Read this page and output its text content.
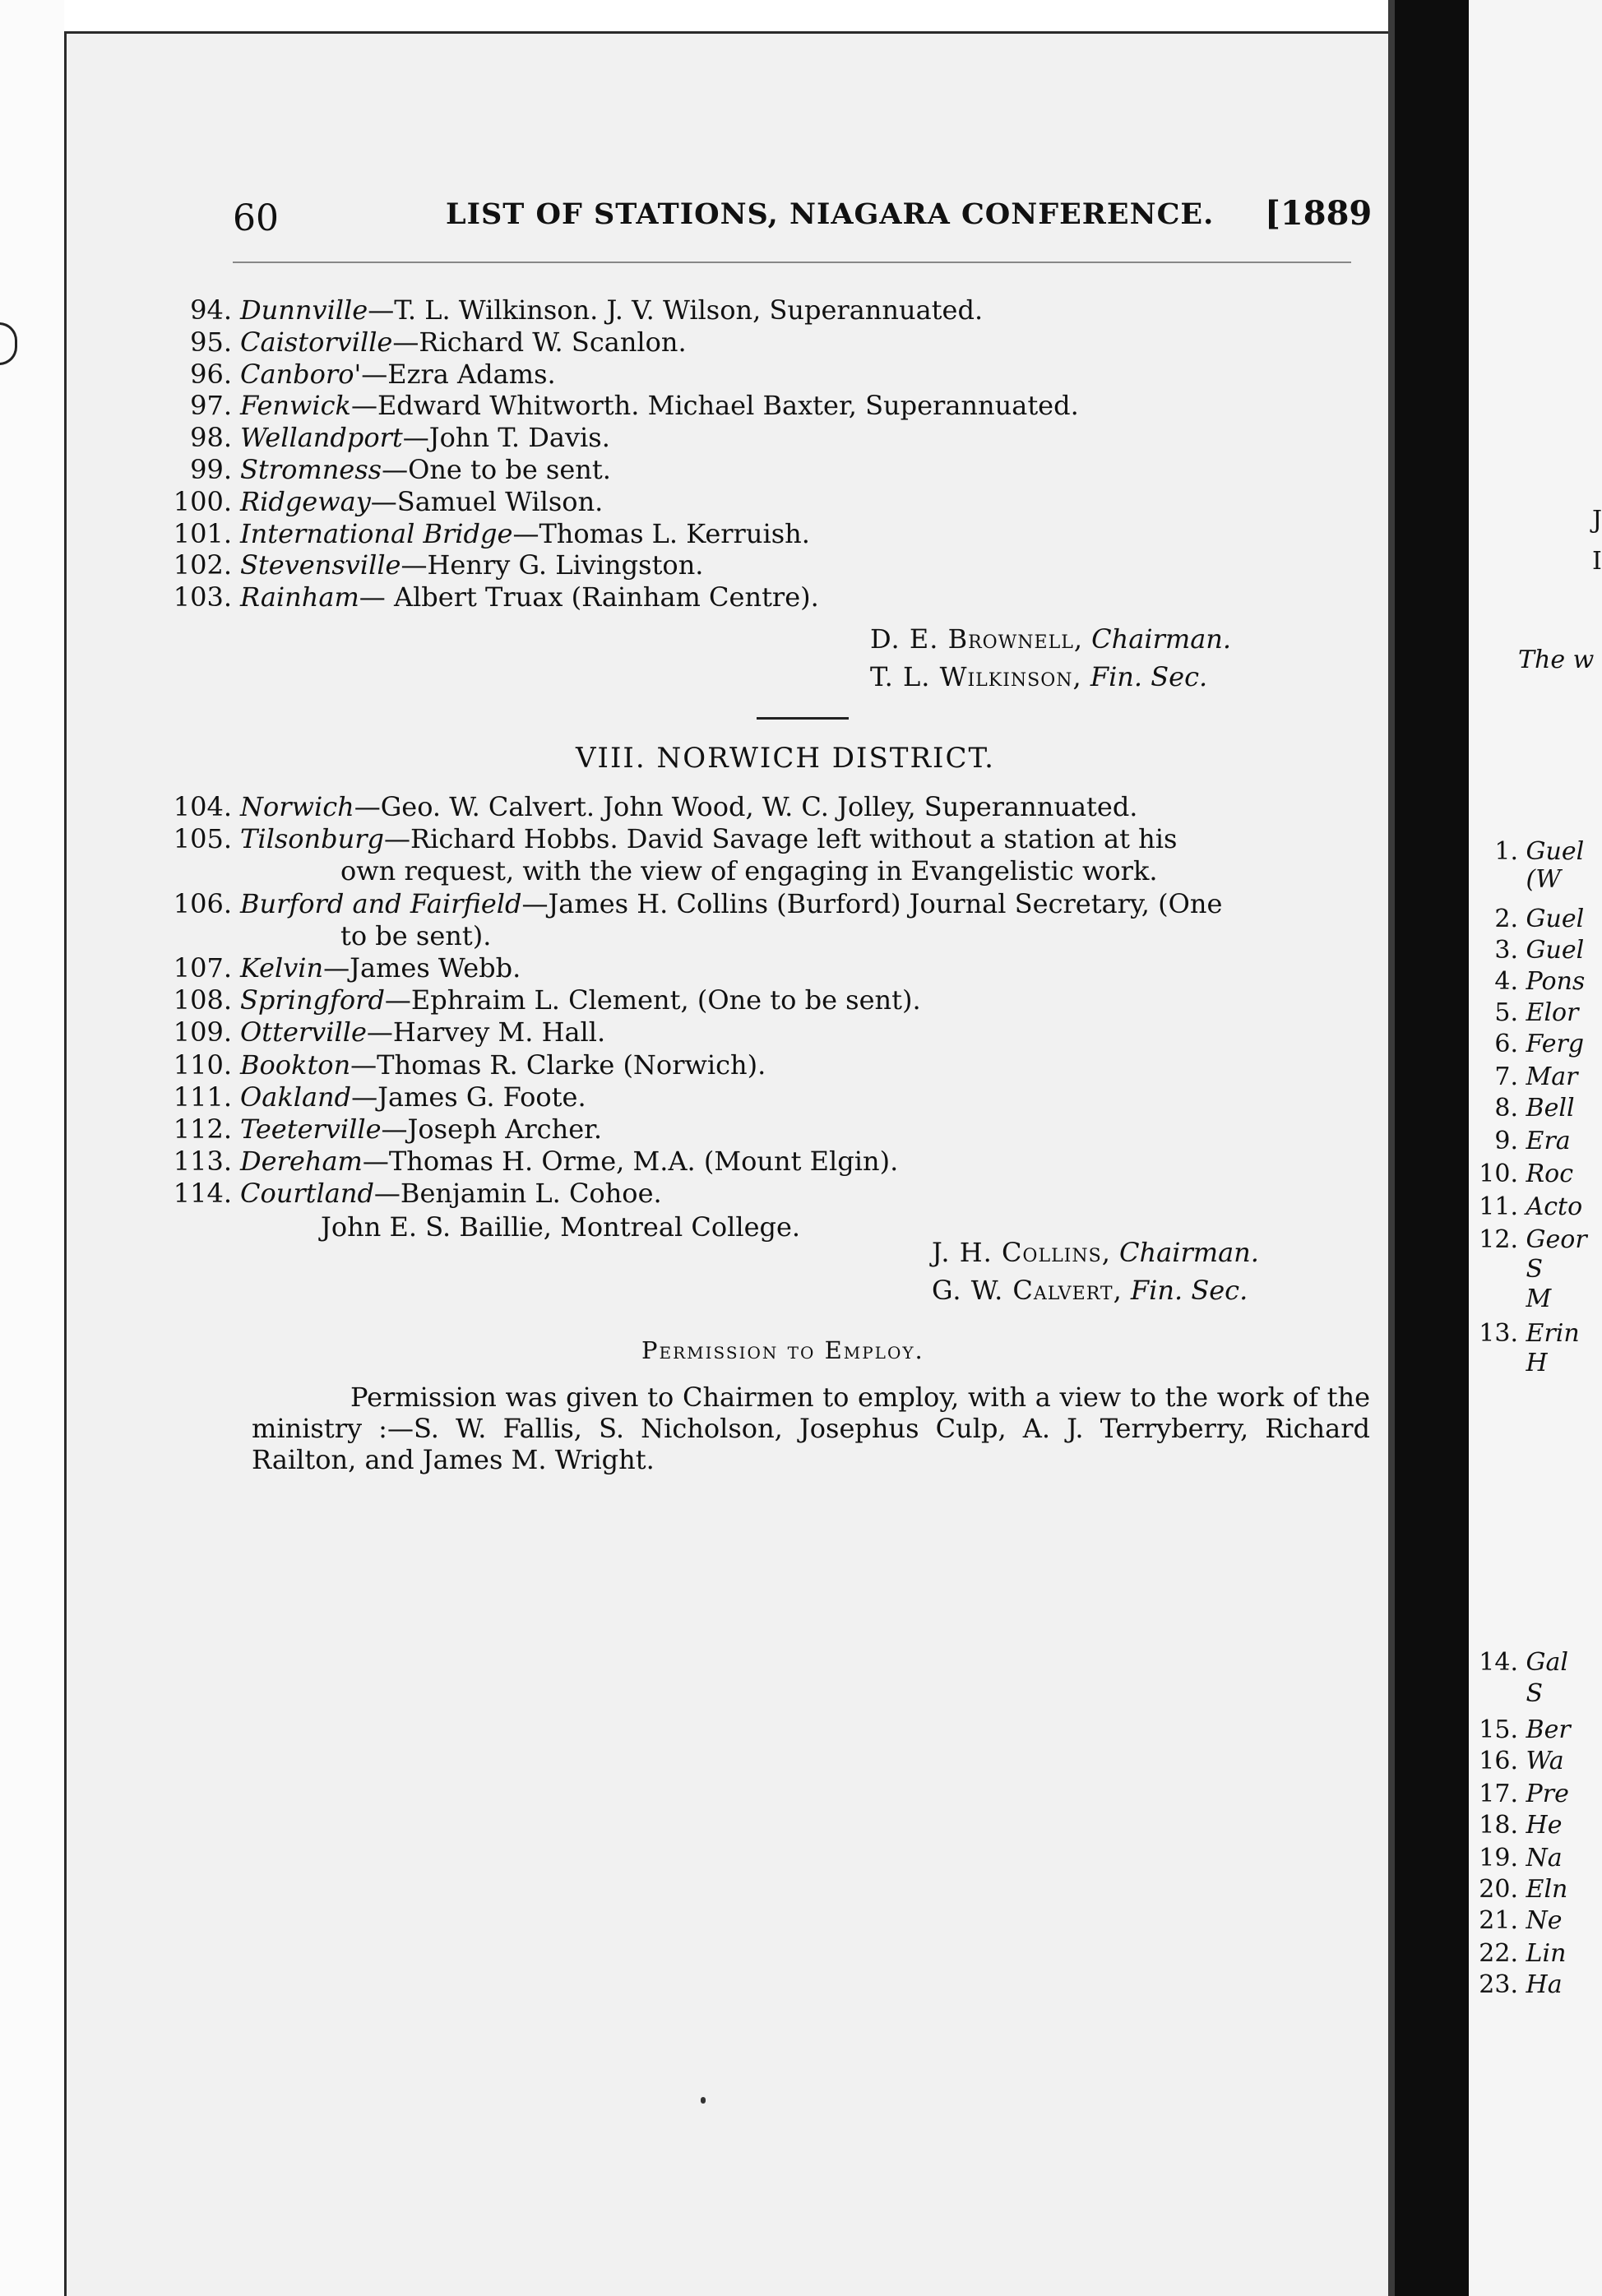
60	LIST OF STATIONS, NIAGARA CONFERENCE. [1889
94. Dunnville—T. L. Wilkinson. J. V. Wilson, Superannuated.
95. Caistorville—Richard W. Scanlon.
96. Canboro'—Ezra Adams.
97. Fenwick—Edward Whitworth. Michael Baxter, Superannuated.
98. Wellandport—John T. Davis.
99. Stromness—One to be sent.
100. Ridgeway—Samuel Wilson.
101. International Bridge—Thomas L. Kerruish.
102. Stevensville—Henry G. Livingston.
103. Rainham— Albert Truax (Rainham Centre).
D. E. Brownell, Chairman.
T. L. Wilkinson, Fin. Sec.
VIII. NORWICH DISTRICT.
104. Norwich—Geo. W. Calvert. John Wood, W. C. Jolley, Superannuated.
105. Tilsonburg—Richard Hobbs. David Savage left without a station at his
own request, with the view of engaging in Evangelistic work.
106. Burford and Fairfield—James H. Collins (Burford) Journal Secretary, (One
to be sent).
107. Kelvin—James Webb.
108. Springford—Ephraim L. Clement, (One to be sent).
109. Otterville—Harvey M. Hall.
110. Bookton—Thomas R. Clarke (Norwich).
111. Oakland—James G. Foote.
112. Teeterville—Joseph Archer.
113. Dereham—Thomas H. Orme, M.A. (Mount Elgin).
114. Courtland—Benjamin L. Cohoe.
John E. S. Baillie, Montreal College.
J. H. Collins, Chairman.
G. W. Calvert, Fin. Sec.
Permission to Employ.
Permission was given to Chairmen to employ, with a view to the work of the ministry :—S. W. Fallis, S. Nicholson, Josephus Culp, A. J. Terryberry, Richard Railton, and James M. Wright.
J
I
The w
1. Guel
(W
2. Guel
3. Guel
4. Pons
5. Elor
6. Ferg
7. Mar
8. Bell
9. Era
10. Roc
11. Acto
12. Geor
S
M
13. Erin
H
14. Gal
S
15. Ber
16. Wa
17. Pre
18. He
19. Na
20. Eln
21. Ne
22. Lin
23. Ha
